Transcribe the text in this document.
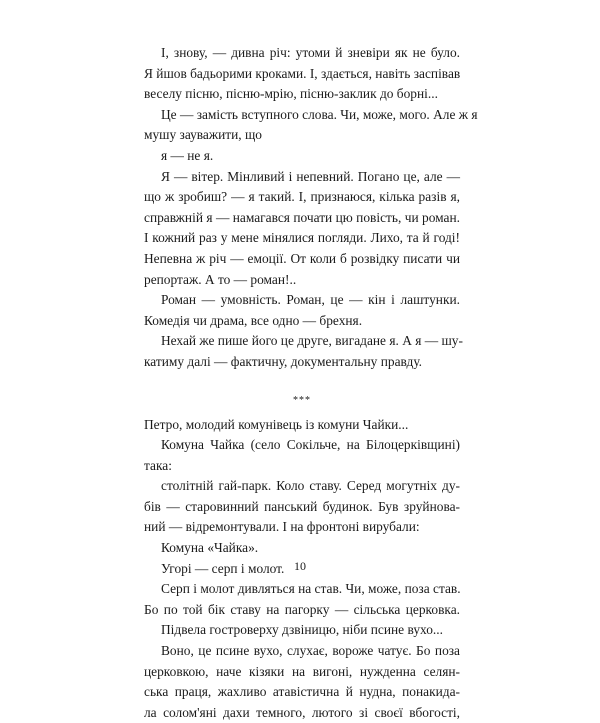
І, знову, — дивна річ: утоми й зневіри як не було.
Я йшов бадьорими кроками. І, здається, навіть заспівав
веселу пісню, пісню-мрію, пісню-заклик до борні...
Це — замість вступного слова. Чи, може, мого. Але ж я
мушу зауважити, що
я — не я.
Я — вітер. Мінливий і непевний. Погано це, але —
що ж зробиш? — я такий. І, признаюся, кілька разів я,
справжній я — намагався почати цю повість, чи роман.
І кожний раз у мене мінялися погляди. Лихо, та й годі!
Непевна ж річ — емоції. От коли б розвідку писати чи
репортаж. А то — роман!..
Роман — умовність. Роман, це — кін і лаштунки.
Комедія чи драма, все одно — брехня.
Нехай же пише його це друге, вигадане я. А я — шу-
катиму далі — фактичну, документальну правду.
***
Петро, молодий комунівець із комуни Чайки...
Комуна Чайка (село Сокільче, на Білоцерківщині)
така:
столітній гай-парк. Коло ставу. Серед могутніх ду-
бів — старовинний панський будинок. Був зруйнова-
ний — відремонтували. І на фронтоні вирубали:
Комуна «Чайка».
Угорі — серп і молот.
Серп і молот дивляться на став. Чи, може, поза став.
Бо по той бік ставу на пагорку — сільська церковка.
Підвела гостроверху дзвіницю, ніби псине вухо...
Воно, це псине вухо, слухає, вороже чатує. Бо поза
церковкою, наче кізяки на вигоні, нужденна селян-
ська праця, жахливо атавістична й нудна, понакида-
ла солом'яні дахи темного, лютого зі своєї вбогості,
10
